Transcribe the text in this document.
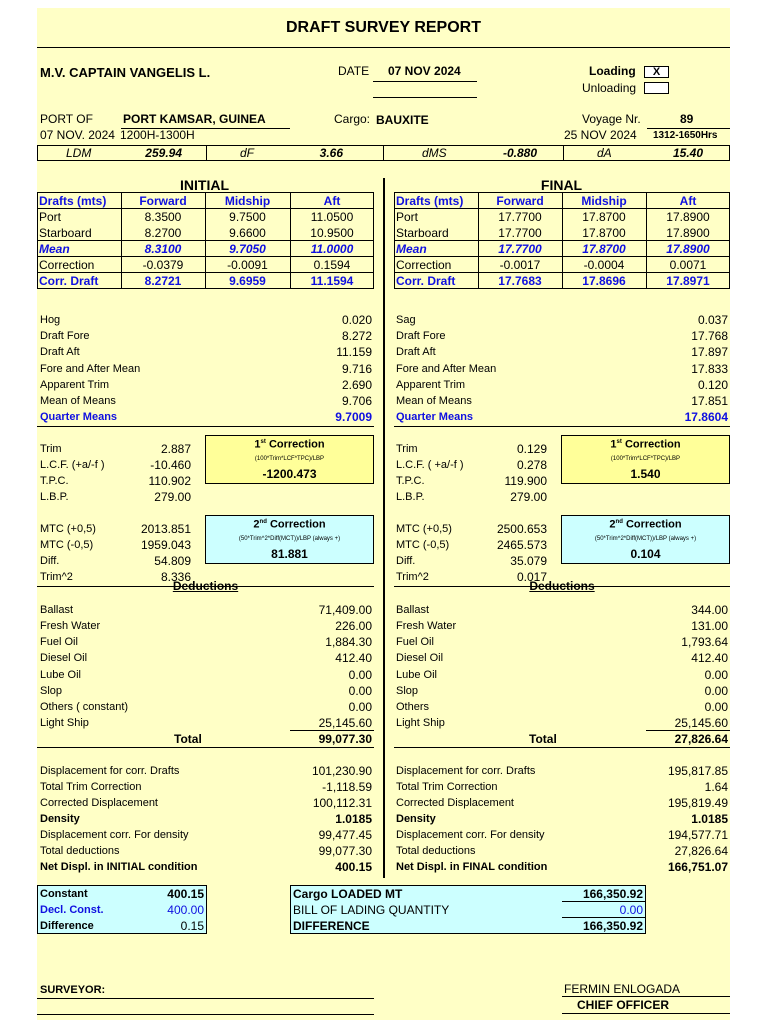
DRAFT SURVEY REPORT
M.V. CAPTAIN VANGELIS L.	DATE 07 NOV 2024	Loading	X
Unloading
PORT OF	PORT KAMSAR, GUINEA	Cargo: BAUXITE	Voyage Nr.	89
07 NOV. 2024 1200H-1300H	25 NOV 2024 1312-1650Hrs
LDM	259.94	dF	3.66	dMS	-0.880	dA	15.40
INITIAL
Drafts (mts)	Forward	Midship	Aft
Port	8.3500	9.7500	11.0500
Starboard	8.2700	9.6600	10.9500
Mean	8.3100	9.7050	11.0000
Correction	-0.0379	-0.0091	0.1594
Corr. Draft	8.2721	9.6959	11.1594
Hog	0.020
Draft Fore	8.272
Draft Aft	11.159
Fore and After Mean	9.716
Apparent Trim	2.690
Mean of Means	9.706
Quarter Means	9.7009
Trim	2.887
L.C.F. (+a/-f )	-10.460
T.P.C.	110.902
L.B.P.	279.00
1st Correction
(100*Trim*LCF*TPC)/LBP
-1200.473
MTC (+0,5)	2013.851
MTC (-0,5)	1959.043
Diff.	54.809
Trim^2	8.336
2nd Correction
(50*Trim^2*Diff(MCT))/LBP (always +)
81.881
Deductions
Ballast	71,409.00
Fresh Water	226.00
Fuel Oil	1,884.30
Diesel Oil	412.40
Lube Oil	0.00
Slop	0.00
Others ( constant)	0.00
Light Ship	25,145.60
Total	99,077.30
Displacement for corr. Drafts	101,230.90
Total Trim Correction	-1,118.59
Corrected Displacement	100,112.31
Density	1.0185
Displacement corr. For density	99,477.45
Total deductions	99,077.30
Net Displ. in INITIAL condition	400.15
FINAL
Drafts (mts)	Forward	Midship	Aft
Port	17.7700	17.8700	17.8900
Starboard	17.7700	17.8700	17.8900
Mean	17.7700	17.8700	17.8900
Correction	-0.0017	-0.0004	0.0071
Corr. Draft	17.7683	17.8696	17.8971
Sag	0.037
Draft Fore	17.768
Draft Aft	17.897
Fore and After Mean	17.833
Apparent Trim	0.120
Mean of Means	17.851
Quarter Means	17.8604
Trim	0.129
L.C.F. ( +a/-f )	0.278
T.P.C.	119.900
L.B.P.	279.00
1st Correction
(100*Trim*LCF*TPC)/LBP
1.540
MTC (+0,5)	2500.653
MTC (-0,5)	2465.573
Diff.	35.079
Trim^2	0.017
2nd Correction
(50*Trim^2*Diff(MCT))/LBP (always +)
0.104
Deductions
Ballast	344.00
Fresh Water	131.00
Fuel Oil	1,793.64
Diesel Oil	412.40
Lube Oil	0.00
Slop	0.00
Others	0.00
Light Ship	25,145.60
Total	27,826.64
Displacement for corr. Drafts	195,817.85
Total Trim Correction	1.64
Corrected Displacement	195,819.49
Density	1.0185
Displacement corr. For density	194,577.71
Total deductions	27,826.64
Net Displ. in FINAL condition	166,751.07
Constant	400.15
Decl. Const.	400.00
Difference	0.15
Cargo LOADED MT	166,350.92
BILL OF LADING QUANTITY	0.00
DIFFERENCE	166,350.92
SURVEYOR:	FERMIN ENLOGADA
CHIEF OFFICER
